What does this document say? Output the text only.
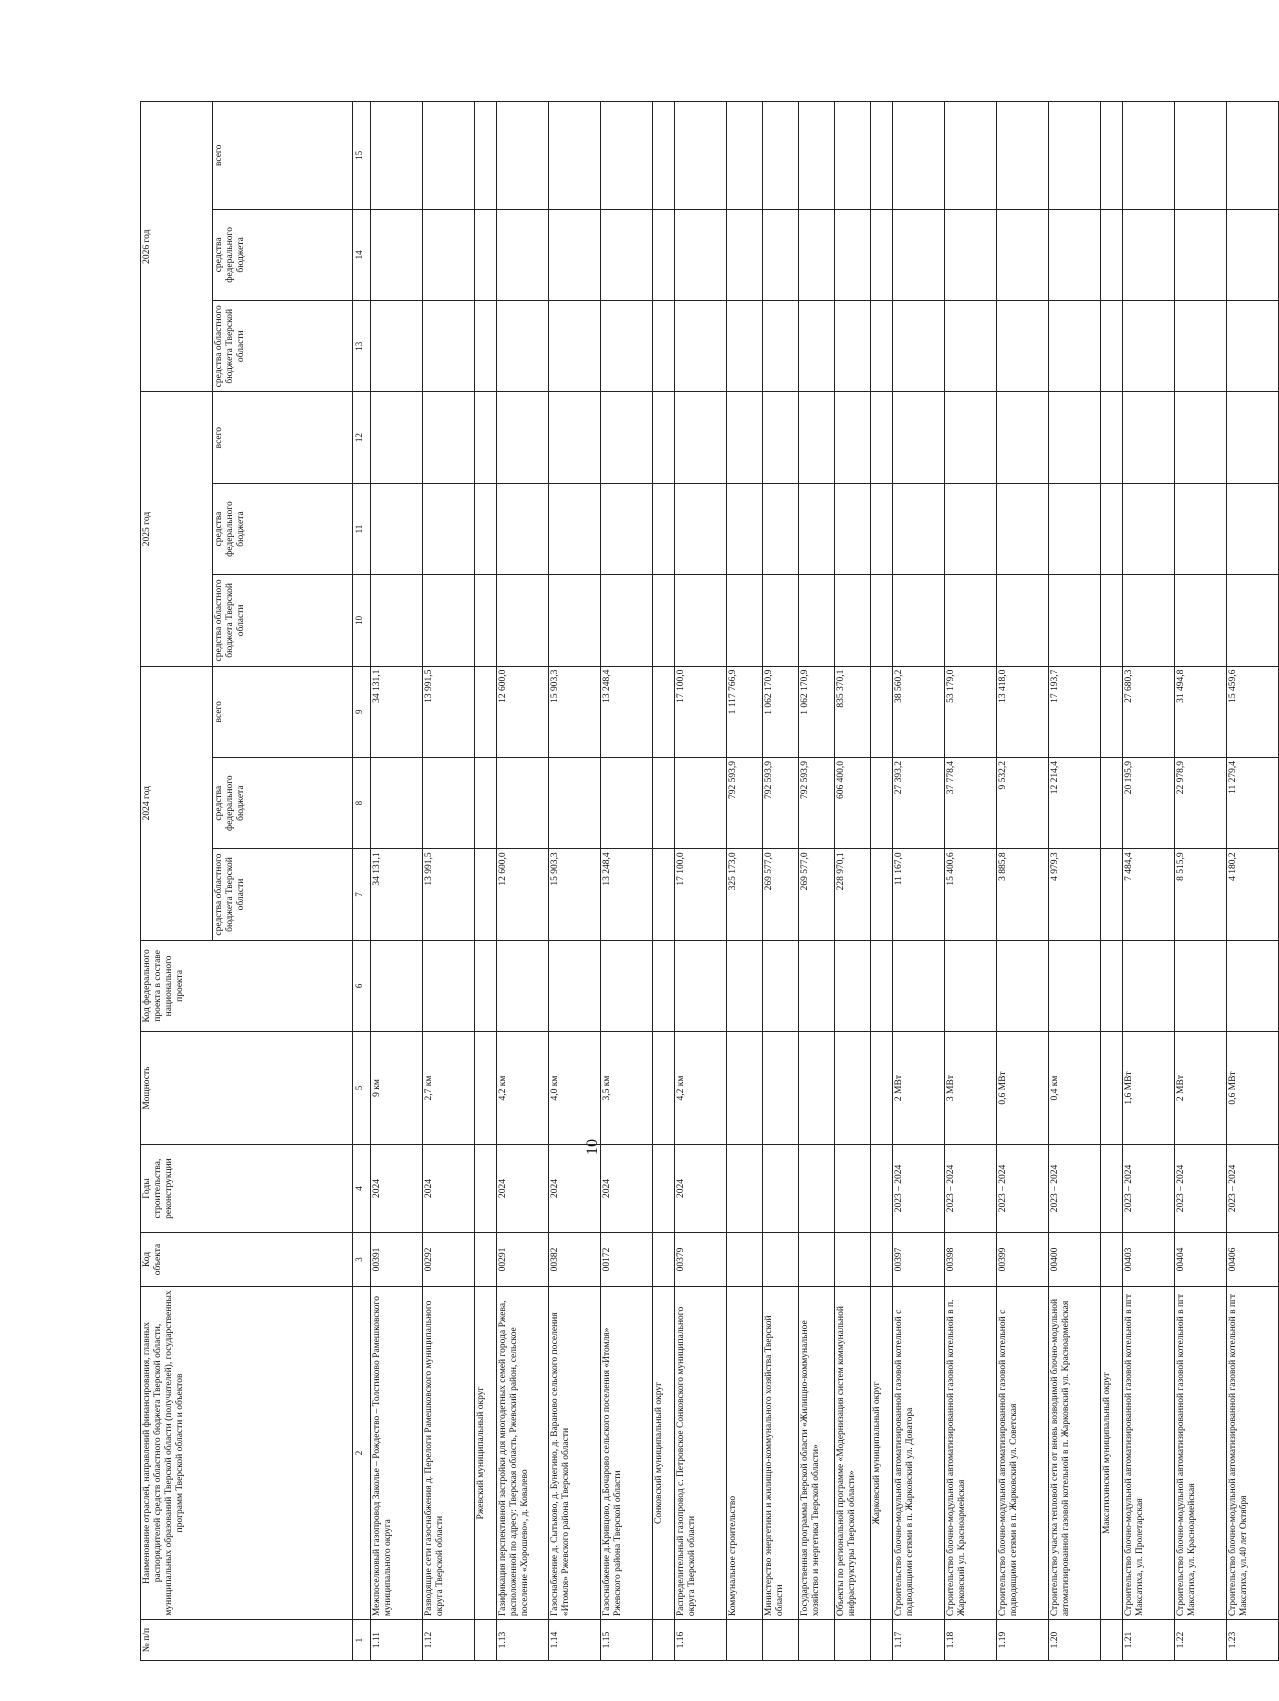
10
№ п/п	Наименование отраслей, направлений финансирования, главных распорядителей средств областного бюджета Тверской области, муниципальных образований Тверской области (получателей), государственных программ Тверской области и объектов	Код объекта	Годы строительства, реконструкции	Мощность	Код федерального проекта в составе национального проекта	2024 год			2025 год			2026 год		
						средства областного бюджета Тверской области	средства федерального бюджета	всего	средства областного бюджета Тверской области	средства федерального бюджета	всего	средства областного бюджета Тверской области	средства федерального бюджета	всего
1	2	3	4	5	6	7	8	9	10	11	12	13	14	15
1.11	Межпоселковый газопровод Заколье – Рождество – Толстиково Рамешковского муниципального округа	00391	2024	9 км		34 131,1		34 131,1						
1.12	Разводящие сети газоснабжения д. Перелоги Рамешковского муниципального округа Тверской области	00292	2024	2,7 км		13 991,5		13 991,5						
	Ржевский муниципальный округ													
1.13	Газификация перспективной застройки для многодетных семей города Ржева, расположенной по адресу: Тверская область, Ржевский район, сельское поселение «Хорошево», д. Ковалево	00291	2024	4,2 км		12 600,0		12 600,0						
1.14	Газоснабжение д. Сытьково, д. Бунегино, д. Вараново сельского поселения «Итомля» Ржевского района Тверской области	00382	2024	4,0 км		15 903,3		15 903,3						
1.15	Газоснабжение д.Кривцово, д.Бочарово сельского поселения «Итомля» Ржевского района Тверской области	00172	2024	3,5 км		13 248,4		13 248,4						
	Сонковский муниципальный округ													
1.16	Распределительный газопровод с. Петровское Сонковского муниципального округа Тверской области	00379	2024	4,2 км		17 100,0		17 100,0						
	Коммунальное строительство					325 173,0	792 593,9	1 117 766,9						
	Министерство энергетики и жилищно-коммунального хозяйства Тверской области					269 577,0	792 593,9	1 062 170,9						
	Государственная программа Тверской области «Жилищно-коммунальное хозяйство и энергетика Тверской области»					269 577,0	792 593,9	1 062 170,9						
	Объекты по региональной программе «Модернизация систем коммунальной инфраструктуры Тверской области»					228 970,1	606 400,0	835 370,1						
	Жарковский муниципальный округ													
1.17	Строительство блочно-модульной автоматизированной газовой котельной с подводящими сетями в п. Жарковский ул. Доватора	00397	2023 – 2024	2 МВт		11 167,0	27 393,2	38 560,2						
1.18	Строительство блочно-модульной автоматизированной газовой котельной в п. Жарковский ул. Красноармейская	00398	2023 – 2024	3 МВт		15 400,6	37 778,4	53 179,0						
1.19	Строительство блочно-модульной автоматизированной газовой котельной с подводящими сетями в п. Жарковский ул. Советская	00399	2023 – 2024	0,6 МВт		3 885,8	9 532,2	13 418,0						
1.20	Строительство участка тепловой сети от вновь возводимой блочно-модульной автоматизированной газовой котельной в п. Жарковский ул. Красноармейская	00400	2023 – 2024	0,4 км		4 979,3	12 214,4	17 193,7						
	Максатихинский муниципальный округ													
1.21	Строительство блочно-модульной автоматизированной газовой котельной в пгт Максатиха, ул. Пролетарская	00403	2023 – 2024	1,6 МВт		7 484,4	20 195,9	27 680,3						
1.22	Строительство блочно-модульной автоматизированной газовой котельной в пгт Максатиха, ул. Красноармейская	00404	2023 – 2024	2 МВт		8 515,9	22 978,9	31 494,8						
1.23	Строительство блочно-модульной автоматизированной газовой котельной в пгт Максатиха, ул.40 лет Октября	00406	2023 – 2024	0,6 МВт		4 180,2	11 279,4	15 459,6						
